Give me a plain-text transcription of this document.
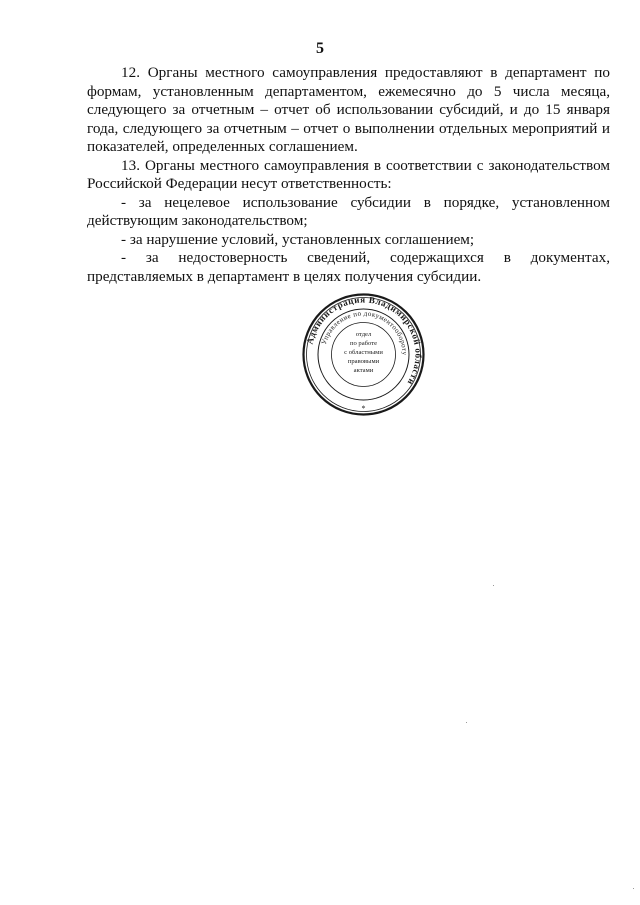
5

12. Органы местного самоуправления предоставляют в департамент по формам, установленным департаментом, ежемесячно до 5 числа месяца, следующего за отчетным – отчет об использовании субсидий, и до 15 января года, следующего за отчетным – отчет о выполнении отдельных мероприятий и показателей, определенных соглашением.

13. Органы местного самоуправления в соответствии с законодательством Российской Федерации несут ответственность:

- за нецелевое использование субсидии в порядке, установленном действующим законодательством;

- за нарушение условий, установленных соглашением;

- за недостоверность сведений, содержащихся в документах, представляемых в департамент в целях получения субсидии.

Администрация Владимирской области
Управление по документообороту
отдел
по работе
с областными
правовыми
актами
*
